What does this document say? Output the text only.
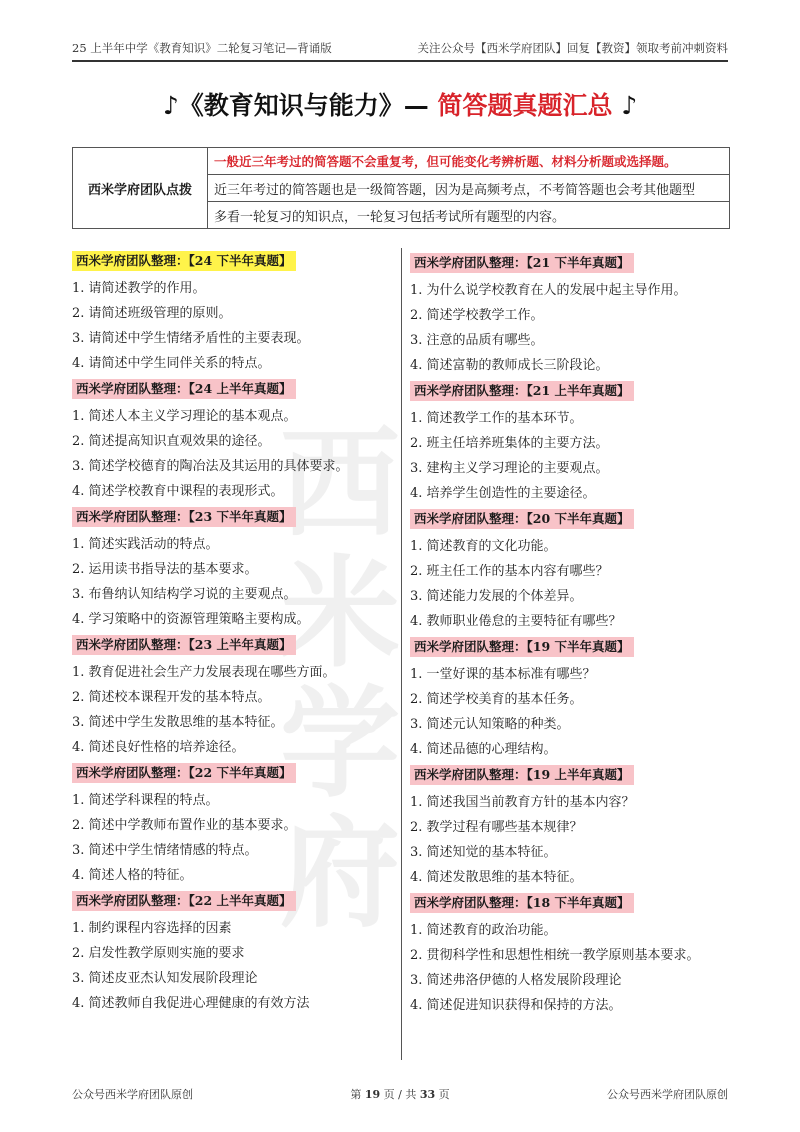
25 上半年中学《教育知识》二轮复习笔记—背诵版	关注公众号【西米学府团队】回复【教资】领取考前冲刺资料
♪《教育知识与能力》— 简答题真题汇总 ♪
西米学府团队点拨	一般近三年考过的简答题不会重复考，但可能变化考辨析题、材料分析题或选择题。
近三年考过的简答题也是一级简答题，因为是高频考点，不考简答题也会考其他题型
多看一轮复习的知识点，一轮复习包括考试所有题型的内容。
西米学府
西米学府团队整理：【24 下半年真题】
1. 请简述教学的作用。
2. 请简述班级管理的原则。
3. 请简述中学生情绪矛盾性的主要表现。
4. 请简述中学生同伴关系的特点。
西米学府团队整理：【24 上半年真题】
1. 简述人本主义学习理论的基本观点。
2. 简述提高知识直观效果的途径。
3. 简述学校德育的陶冶法及其运用的具体要求。
4. 简述学校教育中课程的表现形式。
西米学府团队整理：【23 下半年真题】
1. 简述实践活动的特点。
2. 运用读书指导法的基本要求。
3. 布鲁纳认知结构学习说的主要观点。
4. 学习策略中的资源管理策略主要构成。
西米学府团队整理：【23 上半年真题】
1. 教育促进社会生产力发展表现在哪些方面。
2. 简述校本课程开发的基本特点。
3. 简述中学生发散思维的基本特征。
4. 简述良好性格的培养途径。
西米学府团队整理：【22 下半年真题】
1. 简述学科课程的特点。
2. 简述中学教师布置作业的基本要求。
3. 简述中学生情绪情感的特点。
4. 简述人格的特征。
西米学府团队整理：【22 上半年真题】
1. 制约课程内容选择的因素
2. 启发性教学原则实施的要求
3. 简述皮亚杰认知发展阶段理论
4. 简述教师自我促进心理健康的有效方法
西米学府团队整理：【21 下半年真题】
1. 为什么说学校教育在人的发展中起主导作用。
2. 简述学校教学工作。
3. 注意的品质有哪些。
4. 简述富勒的教师成长三阶段论。
西米学府团队整理：【21 上半年真题】
1. 简述教学工作的基本环节。
2. 班主任培养班集体的主要方法。
3. 建构主义学习理论的主要观点。
4. 培养学生创造性的主要途径。
西米学府团队整理：【20 下半年真题】
1. 简述教育的文化功能。
2. 班主任工作的基本内容有哪些？
3. 简述能力发展的个体差异。
4. 教师职业倦怠的主要特征有哪些？
西米学府团队整理：【19 下半年真题】
1. 一堂好课的基本标准有哪些？
2. 简述学校美育的基本任务。
3. 简述元认知策略的种类。
4. 简述品德的心理结构。
西米学府团队整理：【19 上半年真题】
1. 简述我国当前教育方针的基本内容？
2. 教学过程有哪些基本规律？
3. 简述知觉的基本特征。
4. 简述发散思维的基本特征。
西米学府团队整理：【18 下半年真题】
1. 简述教育的政治功能。
2. 贯彻科学性和思想性相统一教学原则基本要求。
3. 简述弗洛伊德的人格发展阶段理论
4. 简述促进知识获得和保持的方法。
公众号西米学府团队原创	第 19 页 / 共 33 页	公众号西米学府团队原创
